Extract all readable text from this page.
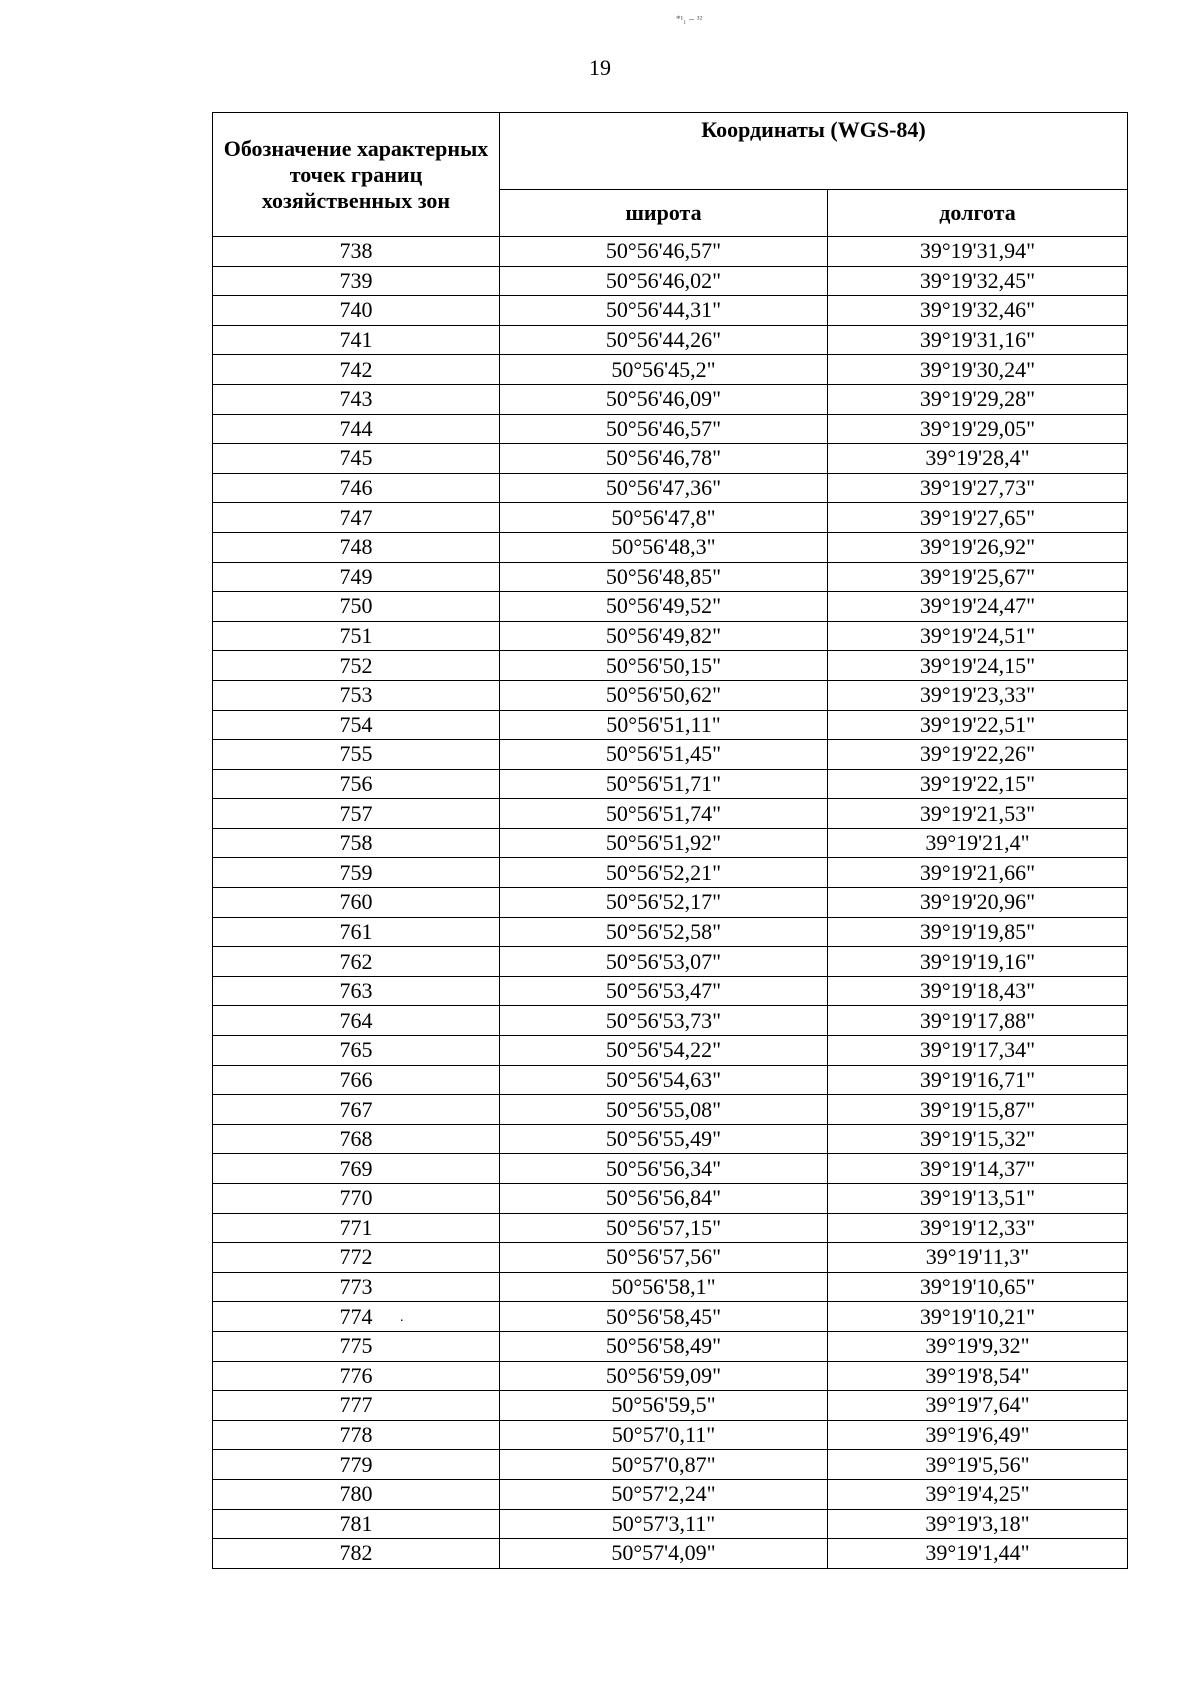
*¹₁ ⌣ ³²
19
Обозначение характерных точек границ хозяйственных зон	Координаты (WGS-84)	
	широта	долгота
738	50°56'46,57"	39°19'31,94"
739	50°56'46,02"	39°19'32,45"
740	50°56'44,31"	39°19'32,46"
741	50°56'44,26"	39°19'31,16"
742	50°56'45,2"	39°19'30,24"
743	50°56'46,09"	39°19'29,28"
744	50°56'46,57"	39°19'29,05"
745	50°56'46,78"	39°19'28,4"
746	50°56'47,36"	39°19'27,73"
747	50°56'47,8"	39°19'27,65"
748	50°56'48,3"	39°19'26,92"
749	50°56'48,85"	39°19'25,67"
750	50°56'49,52"	39°19'24,47"
751	50°56'49,82"	39°19'24,51"
752	50°56'50,15"	39°19'24,15"
753	50°56'50,62"	39°19'23,33"
754	50°56'51,11"	39°19'22,51"
755	50°56'51,45"	39°19'22,26"
756	50°56'51,71"	39°19'22,15"
757	50°56'51,74"	39°19'21,53"
758	50°56'51,92"	39°19'21,4"
759	50°56'52,21"	39°19'21,66"
760	50°56'52,17"	39°19'20,96"
761	50°56'52,58"	39°19'19,85"
762	50°56'53,07"	39°19'19,16"
763	50°56'53,47"	39°19'18,43"
764	50°56'53,73"	39°19'17,88"
765	50°56'54,22"	39°19'17,34"
766	50°56'54,63"	39°19'16,71"
767	50°56'55,08"	39°19'15,87"
768	50°56'55,49"	39°19'15,32"
769	50°56'56,34"	39°19'14,37"
770	50°56'56,84"	39°19'13,51"
771	50°56'57,15"	39°19'12,33"
772	50°56'57,56"	39°19'11,3"
773	50°56'58,1"	39°19'10,65"
774	50°56'58,45"	39°19'10,21"
775	50°56'58,49"	39°19'9,32"
776	50°56'59,09"	39°19'8,54"
777	50°56'59,5"	39°19'7,64"
778	50°57'0,11"	39°19'6,49"
779	50°57'0,87"	39°19'5,56"
780	50°57'2,24"	39°19'4,25"
781	50°57'3,11"	39°19'3,18"
782	50°57'4,09"	39°19'1,44"
.
